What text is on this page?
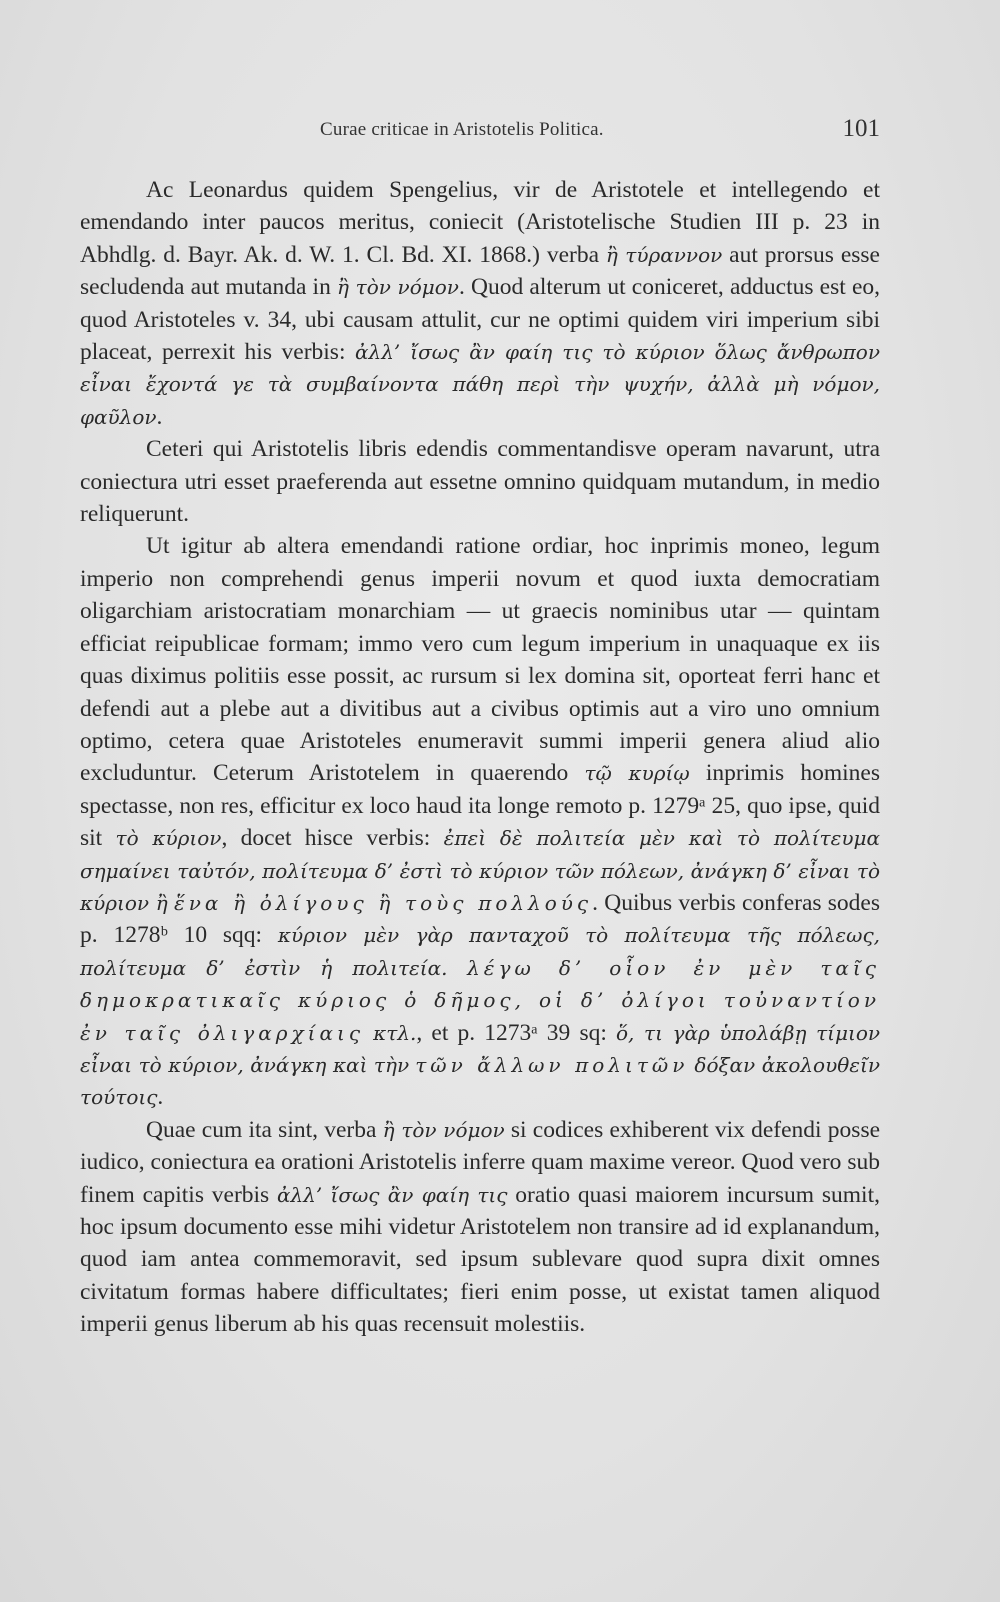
Curae criticae in Aristotelis Politica.	101

Ac Leonardus quidem Spengelius, vir de Aristotele et intellegendo et emendando inter paucos meritus, coniecit (Aristotelische Studien III p. 23 in Abhdlg. d. Bayr. Ak. d. W. 1. Cl. Bd. XI. 1868.) verba ἢ τύραννον aut prorsus esse secludenda aut mutanda in ἢ τὸν νόμον. Quod alterum ut coniceret, adductus est eo, quod Aristoteles v. 34, ubi causam attulit, cur ne optimi quidem viri imperium sibi placeat, perrexit his verbis: ἀλλ’ ἴσως ἂν φαίη τις τὸ κύριον ὅλως ἄνθρωπον εἶναι ἔχοντά γε τὰ συμβαίνοντα πάθη περὶ τὴν ψυχήν, ἀλλὰ μὴ νόμον, φαῦλον.

Ceteri qui Aristotelis libris edendis commentandisve operam navarunt, utra coniectura utri esset praeferenda aut essetne omnino quidquam mutandum, in medio reliquerunt.

Ut igitur ab altera emendandi ratione ordiar, hoc inprimis moneo, legum imperio non comprehendi genus imperii novum et quod iuxta democratiam oligarchiam aristocratiam monarchiam — ut graecis nominibus utar — quintam efficiat reipublicae formam; immo vero cum legum imperium in unaquaque ex iis quas diximus politiis esse possit, ac rursum si lex domina sit, oporteat ferri hanc et defendi aut a plebe aut a divitibus aut a civibus optimis aut a viro uno omnium optimo, cetera quae Aristoteles enumeravit summi imperii genera aliud alio excluduntur. Ceterum Aristotelem in quaerendo τῷ κυρίῳ inprimis homines spectasse, non res, efficitur ex loco haud ita longe remoto p. 1279ᵃ 25, quo ipse, quid sit τὸ κύριον, docet hisce verbis: ἐπεὶ δὲ πολιτεία μὲν καὶ τὸ πολίτευμα σημαίνει ταὐτόν, πολίτευμα δ’ ἐστὶ τὸ κύριον τῶν πόλεων, ἀνάγκη δ’ εἶναι τὸ κύριον ἢ ἕνα ἢ ὀλίγους ἢ τοὺς πολλούς. Quibus verbis conferas sodes p. 1278ᵇ 10 sqq: κύριον μὲν γὰρ πανταχοῦ τὸ πολίτευμα τῆς πόλεως, πολίτευμα δ’ ἐστὶν ἡ πολιτεία. λέγω δ’ οἷον ἐν μὲν ταῖς δημοκρατικαῖς κύριος ὁ δῆμος, οἱ δ’ ὀλίγοι τοὐναντίον ἐν ταῖς ὀλιγαρχίαις κτλ., et p. 1273ᵃ 39 sq: ὅ, τι γὰρ ὑπολάβῃ τίμιον εἶναι τὸ κύριον, ἀνάγκη καὶ τὴν τῶν ἄλλων πολιτῶν δόξαν ἀκολουθεῖν τούτοις.

Quae cum ita sint, verba ἢ τὸν νόμον si codices exhiberent vix defendi posse iudico, coniectura ea orationi Aristotelis inferre quam maxime vereor. Quod vero sub finem capitis verbis ἀλλ’ ἴσως ἂν φαίη τις oratio quasi maiorem incursum sumit, hoc ipsum documento esse mihi videtur Aristotelem non transire ad id explanandum, quod iam antea commemoravit, sed ipsum sublevare quod supra dixit omnes civitatum formas habere difficultates; fieri enim posse, ut existat tamen aliquod imperii genus liberum ab his quas recensuit molestiis.
